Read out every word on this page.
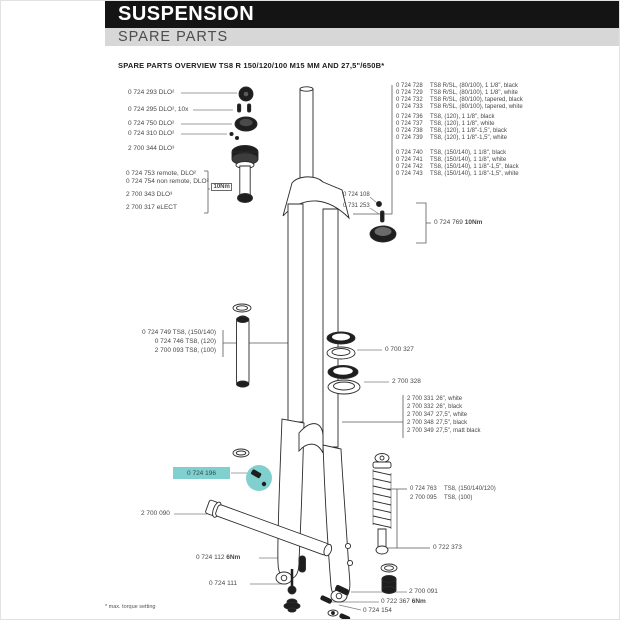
SUSPENSION
SPARE PARTS
SPARE PARTS OVERVIEW TS8 R 150/120/100 M15 MM AND 27,5"/650B*
0 724 293 DLO²
0 724 295 DLO², 10x
0 724 750 DLO²
0 724 310 DLO²
2 700 344 DLO³
0 724 753 remote, DLO²
0 724 754 non remote, DLO²
2 700 343 DLO³
2 700 317 eLECT
10Nm
0 724 728 TS8 R/SL, (80/100), 1 1/8", black
0 724 729 TS8 R/SL, (80/100), 1 1/8", white
0 724 732 TS8 R/SL, (80/100), tapered, black
0 724 733 TS8 R/SL, (80/100), tapered, white
0 724 736 TS8, (120), 1 1/8", black
0 724 737 TS8, (120), 1 1/8", white
0 724 738 TS8, (120), 1 1/8"-1,5", black
0 724 739 TS8, (120), 1 1/8"-1,5", white
0 724 740 TS8, (150/140), 1 1/8", black
0 724 741 TS8, (150/140), 1 1/8", white
0 724 742 TS8, (150/140), 1 1/8"-1,5", black
0 724 743 TS8, (150/140), 1 1/8"-1,5", white
0 724 108
0 731 253
0 724 769 10Nm
0 724 749 TS8, (150/140)
0 724 746 TS8, (120)
2 700 093 TS8, (100)	0 700 327
2 700 328
2 700 331 26", white
2 700 332 26", black
2 700 347 27,5", white
2 700 348 27,5", black
2 700 349 27,5", matt black
0 724 763 TS8, (150/140/120)
2 700 095 TS8, (100)
0 722 373
0 724 196
2 700 090
0 724 112 6Nm
0 724 111
2 700 091
0 722 367 6Nm
0 724 154
* max. torque setting
